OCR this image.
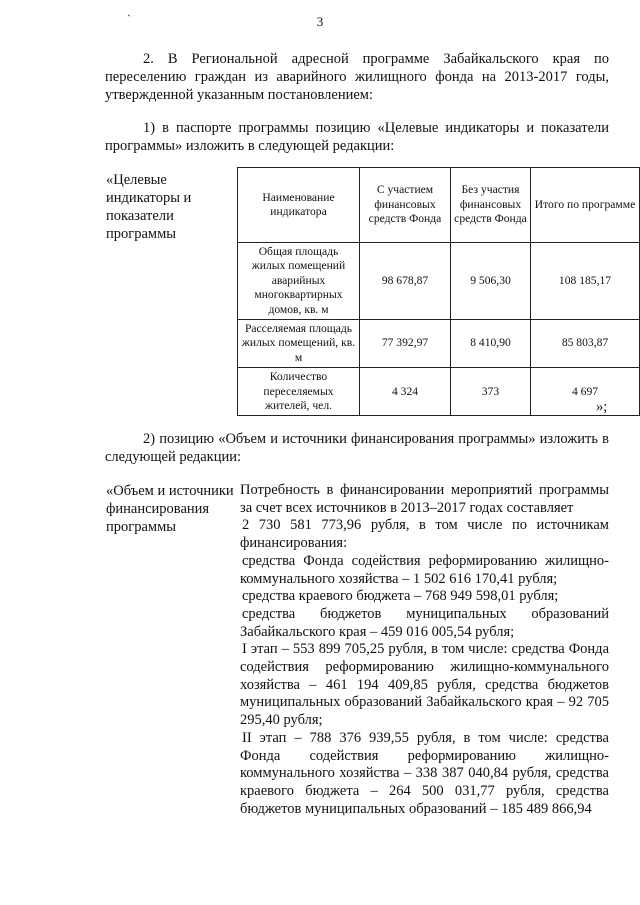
`	3
2. В Региональной адресной программе Забайкальского края по переселению граждан из аварийного жилищного фонда на 2013-2017 годы, утвержденной указанным постановлением:
1) в паспорте программы позицию «Целевые индикаторы и показатели программы» изложить в следующей редакции:
«Целевые индикаторы и показатели программы
Наименование индикатора	С участием финансовых средств Фонда	Без участия финансовых средств Фонда	Итого по программе
Общая площадь жилых помещений аварийных многоквартирных домов, кв. м	98 678,87	9 506,30	108 185,17
Расселяемая площадь жилых помещений, кв. м	77 392,97	8 410,90	85 803,87
Количество переселяемых жителей, чел.	4 324	373	4 697
»;
2) позицию «Объем и источники финансирования программы» изложить в следующей редакции:
«Объем и источники финансирования программы

Потребность в финансировании мероприятий программы за счет всех источников в 2013–2017 годах составляет

2 730 581 773,96 рубля, в том числе по источникам финансирования:

средства Фонда содействия реформированию жилищно-коммунального хозяйства – 1 502 616 170,41 рубля;

средства краевого бюджета – 768 949 598,01 рубля;

средства бюджетов муниципальных образований Забайкальского края – 459 016 005,54 рубля;

I этап – 553 899 705,25 рубля, в том числе: средства Фонда содействия реформированию жилищно-коммунального хозяйства – 461 194 409,85 рубля, средства бюджетов муниципальных образований Забайкальского края – 92 705 295,40 рубля;

II этап – 788 376 939,55 рубля, в том числе: средства Фонда содействия реформированию жилищно-коммунального хозяйства – 338 387 040,84 рубля, средства краевого бюджета – 264 500 031,77 рубля, средства бюджетов муниципальных образований – 185 489 866,94
